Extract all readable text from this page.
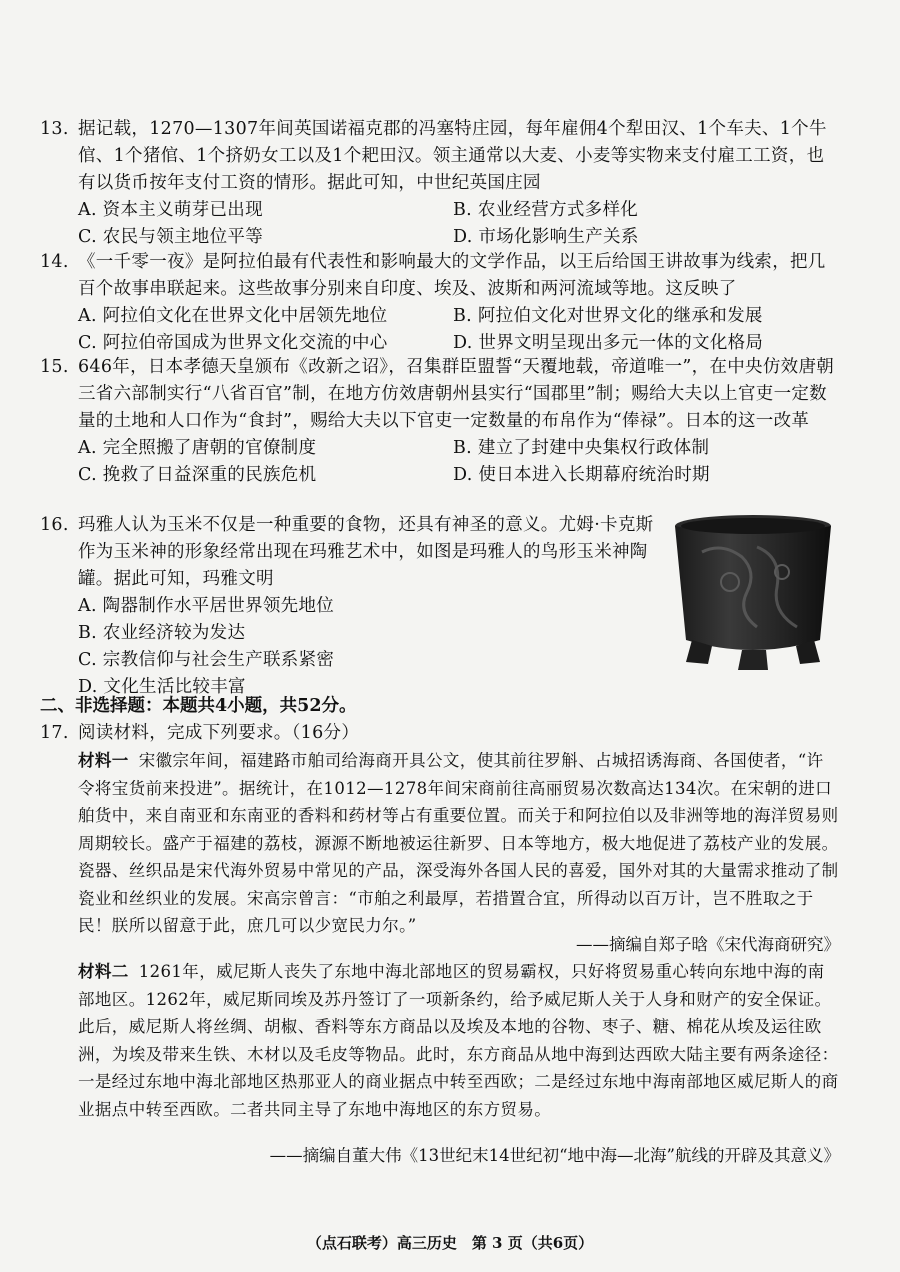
13. 据记载，1270—1307年间英国诺福克郡的冯塞特庄园，每年雇佣4个犁田汉、1个车夫、1个牛倌、1个猪倌、1个挤奶女工以及1个耙田汉。领主通常以大麦、小麦等实物来支付雇工工资，也有以货币按年支付工资的情形。据此可知，中世纪英国庄园
A. 资本主义萌芽已出现	B. 农业经营方式多样化
C. 农民与领主地位平等	D. 市场化影响生产关系
14. 《一千零一夜》是阿拉伯最有代表性和影响最大的文学作品，以王后给国王讲故事为线索，把几百个故事串联起来。这些故事分别来自印度、埃及、波斯和两河流域等地。这反映了
A. 阿拉伯文化在世界文化中居领先地位	B. 阿拉伯文化对世界文化的继承和发展
C. 阿拉伯帝国成为世界文化交流的中心	D. 世界文明呈现出多元一体的文化格局
15. 646年，日本孝德天皇颁布《改新之诏》，召集群臣盟誓“天覆地载，帝道唯一”，在中央仿效唐朝三省六部制实行“八省百官”制，在地方仿效唐朝州县实行“国郡里”制；赐给大夫以上官吏一定数量的土地和人口作为“食封”，赐给大夫以下官吏一定数量的布帛作为“俸禄”。日本的这一改革
A. 完全照搬了唐朝的官僚制度	B. 建立了封建中央集权行政体制
C. 挽救了日益深重的民族危机	D. 使日本进入长期幕府统治时期
16. 玛雅人认为玉米不仅是一种重要的食物，还具有神圣的意义。尤姆·卡克斯作为玉米神的形象经常出现在玛雅艺术中，如图是玛雅人的鸟形玉米神陶罐。据此可知，玛雅文明
A. 陶器制作水平居世界领先地位
B. 农业经济较为发达
C. 宗教信仰与社会生产联系紧密
D. 文化生活比较丰富
二、非选择题：本题共4小题，共52分。
17. 阅读材料，完成下列要求。（16分）
材料一 宋徽宗年间，福建路市舶司给海商开具公文，使其前往罗斛、占城招诱海商、各国使者，“许令将宝货前来投进”。据统计，在1012—1278年间宋商前往高丽贸易次数高达134次。在宋朝的进口舶货中，来自南亚和东南亚的香料和药材等占有重要位置。而关于和阿拉伯以及非洲等地的海洋贸易则周期较长。盛产于福建的荔枝，源源不断地被运往新罗、日本等地方，极大地促进了荔枝产业的发展。瓷器、丝织品是宋代海外贸易中常见的产品，深受海外各国人民的喜爱，国外对其的大量需求推动了制瓷业和丝织业的发展。宋高宗曾言：“市舶之利最厚，若措置合宜，所得动以百万计，岂不胜取之于民！朕所以留意于此，庶几可以少宽民力尔。”
——摘编自郑子晗《宋代海商研究》
材料二 1261年，威尼斯人丧失了东地中海北部地区的贸易霸权，只好将贸易重心转向东地中海的南部地区。1262年，威尼斯同埃及苏丹签订了一项新条约，给予威尼斯人关于人身和财产的安全保证。此后，威尼斯人将丝绸、胡椒、香料等东方商品以及埃及本地的谷物、枣子、糖、棉花从埃及运往欧洲，为埃及带来生铁、木材以及毛皮等物品。此时，东方商品从地中海到达西欧大陆主要有两条途径：一是经过东地中海北部地区热那亚人的商业据点中转至西欧；二是经过东地中海南部地区威尼斯人的商业据点中转至西欧。二者共同主导了东地中海地区的东方贸易。
——摘编自董大伟《13世纪末14世纪初“地中海—北海”航线的开辟及其意义》
（点石联考）高三历史　第 3 页（共6页）
